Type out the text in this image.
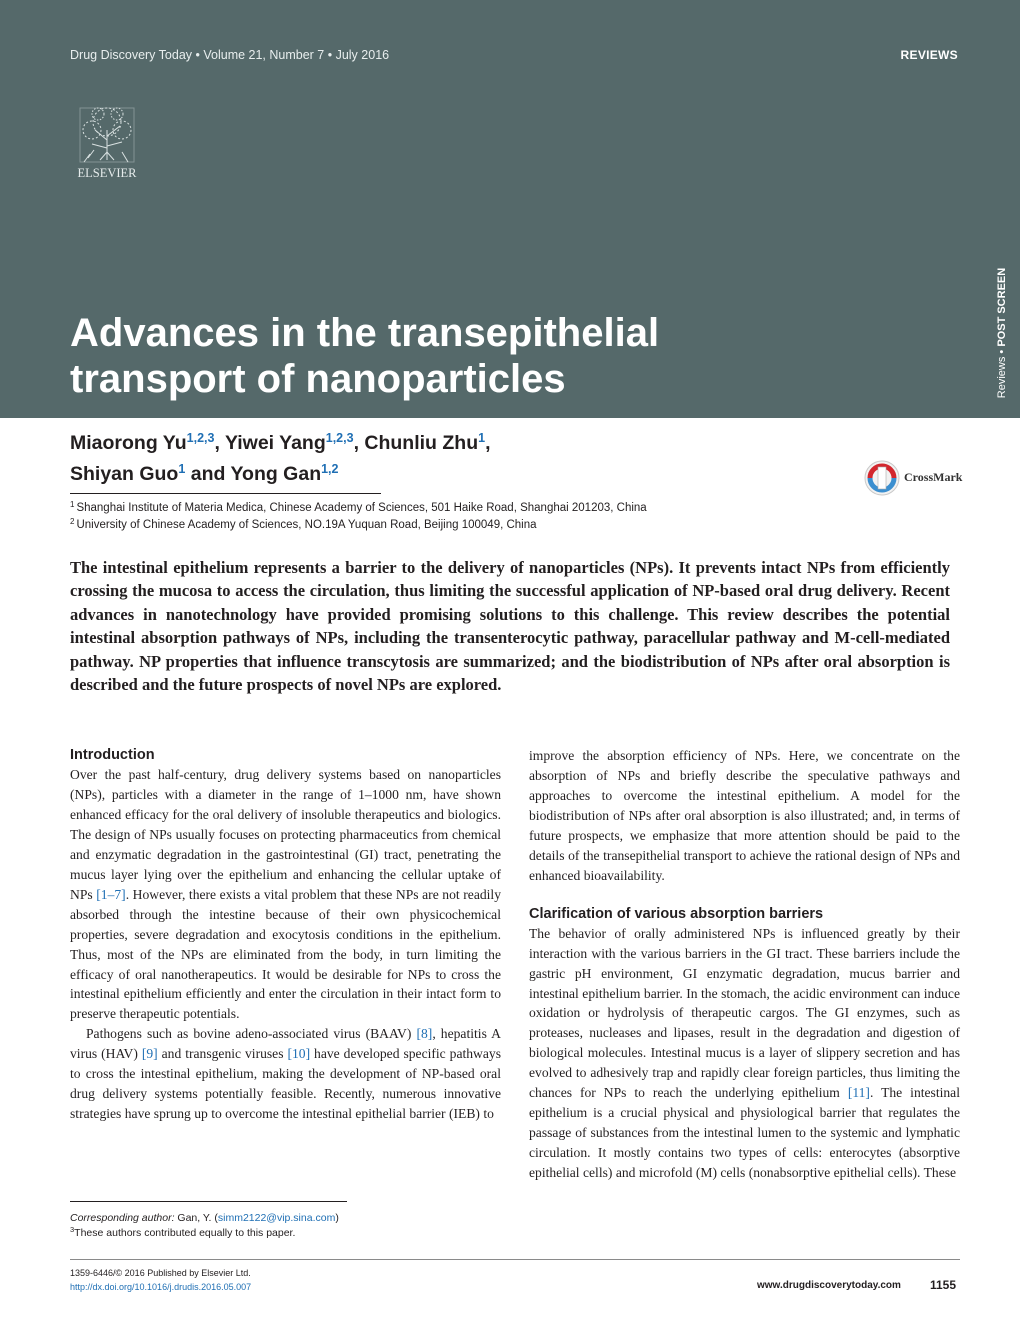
Drug Discovery Today • Volume 21, Number 7 • July 2016	REVIEWS
ELSEVIER
Reviews • POST SCREEN
Advances in the transepithelial
transport of nanoparticles
Miaorong Yu$^{1,2,3}$, Yiwei Yang$^{1,2,3}$, Chunliu Zhu$^1$,
Shiyan Guo$^1$ and Yong Gan$^{1,2}$
CrossMark
$^1$ Shanghai Institute of Materia Medica, Chinese Academy of Sciences, 501 Haike Road, Shanghai 201203, China
$^2$ University of Chinese Academy of Sciences, NO.19A Yuquan Road, Beijing 100049, China

The intestinal epithelium represents a barrier to the delivery of nanoparticles (NPs). It prevents intact NPs from efficiently crossing the mucosa to access the circulation, thus limiting the successful application of NP-based oral drug delivery. Recent advances in nanotechnology have provided promising solutions to this challenge. This review describes the potential intestinal absorption pathways of NPs, including the transenterocytic pathway, paracellular pathway and M-cell-mediated pathway. NP properties that influence transcytosis are summarized; and the biodistribution of NPs after oral absorption is described and the future prospects of novel NPs are explored.

Introduction

Over the past half-century, drug delivery systems based on nanoparticles (NPs), particles with a diameter in the range of 1–1000 nm, have shown enhanced efficacy for the oral delivery of insoluble therapeutics and biologics. The design of NPs usually focuses on protecting pharmaceutics from chemical and enzymatic degradation in the gastrointestinal (GI) tract, penetrating the mucus layer lying over the epithelium and enhancing the cellular uptake of NPs [1–7]. However, there exists a vital problem that these NPs are not readily absorbed through the intestine because of their own physicochemical properties, severe degradation and exocytosis conditions in the epithelium. Thus, most of the NPs are eliminated from the body, in turn limiting the efficacy of oral nanotherapeutics. It would be desirable for NPs to cross the intestinal epithelium efficiently and enter the circulation in their intact form to preserve therapeutic potentials.

Pathogens such as bovine adeno-associated virus (BAAV) [8], hepatitis A virus (HAV) [9] and transgenic viruses [10] have developed specific pathways to cross the intestinal epithelium, making the development of NP-based oral drug delivery systems potentially feasible. Recently, numerous innovative strategies have sprung up to overcome the intestinal epithelial barrier (IEB) to

improve the absorption efficiency of NPs. Here, we concentrate on the absorption of NPs and briefly describe the speculative pathways and approaches to overcome the intestinal epithelium. A model for the biodistribution of NPs after oral absorption is also illustrated; and, in terms of future prospects, we emphasize that more attention should be paid to the details of the transepithelial transport to achieve the rational design of NPs and enhanced bioavailability.

Clarification of various absorption barriers

The behavior of orally administered NPs is influenced greatly by their interaction with the various barriers in the GI tract. These barriers include the gastric pH environment, GI enzymatic degradation, mucus barrier and intestinal epithelium barrier. In the stomach, the acidic environment can induce oxidation or hydrolysis of therapeutic cargos. The GI enzymes, such as proteases, nucleases and lipases, result in the degradation and digestion of biological molecules. Intestinal mucus is a layer of slippery secretion and has evolved to adhesively trap and rapidly clear foreign particles, thus limiting the chances for NPs to reach the underlying epithelium [11]. The intestinal epithelium is a crucial physical and physiological barrier that regulates the passage of substances from the intestinal lumen to the systemic and lymphatic circulation. It mostly contains two types of cells: enterocytes (absorptive epithelial cells) and microfold (M) cells (nonabsorptive epithelial cells). These

Corresponding author: Gan, Y. (simm2122@vip.sina.com)
$^3$These authors contributed equally to this paper.
1359-6446/© 2016 Published by Elsevier Ltd.
http://dx.doi.org/10.1016/j.drudis.2016.05.007	www.drugdiscoverytoday.com 1155
